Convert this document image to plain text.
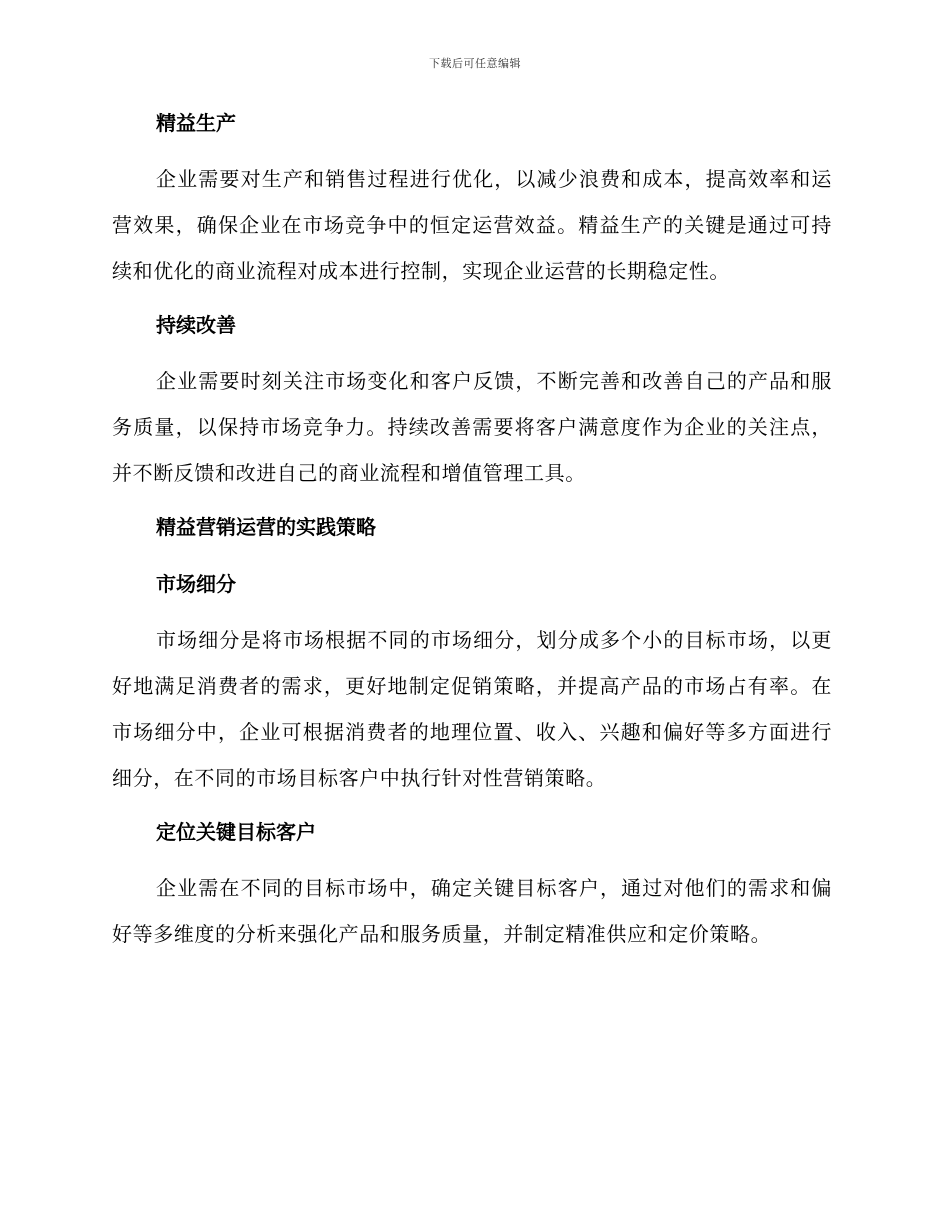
下载后可任意编辑
精益生产

企业需要对生产和销售过程进行优化，以减少浪费和成本，提高效率和运营效果，确保企业在市场竞争中的恒定运营效益。精益生产的关键是通过可持续和优化的商业流程对成本进行控制，实现企业运营的长期稳定性。

持续改善

企业需要时刻关注市场变化和客户反馈，不断完善和改善自己的产品和服务质量，以保持市场竞争力。持续改善需要将客户满意度作为企业的关注点，并不断反馈和改进自己的商业流程和增值管理工具。

精益营销运营的实践策略
市场细分

市场细分是将市场根据不同的市场细分，划分成多个小的目标市场，以更好地满足消费者的需求，更好地制定促销策略，并提高产品的市场占有率。在市场细分中，企业可根据消费者的地理位置、收入、兴趣和偏好等多方面进行细分，在不同的市场目标客户中执行针对性营销策略。

定位关键目标客户

企业需在不同的目标市场中，确定关键目标客户，通过对他们的需求和偏好等多维度的分析来强化产品和服务质量，并制定精准供应和定价策略。
